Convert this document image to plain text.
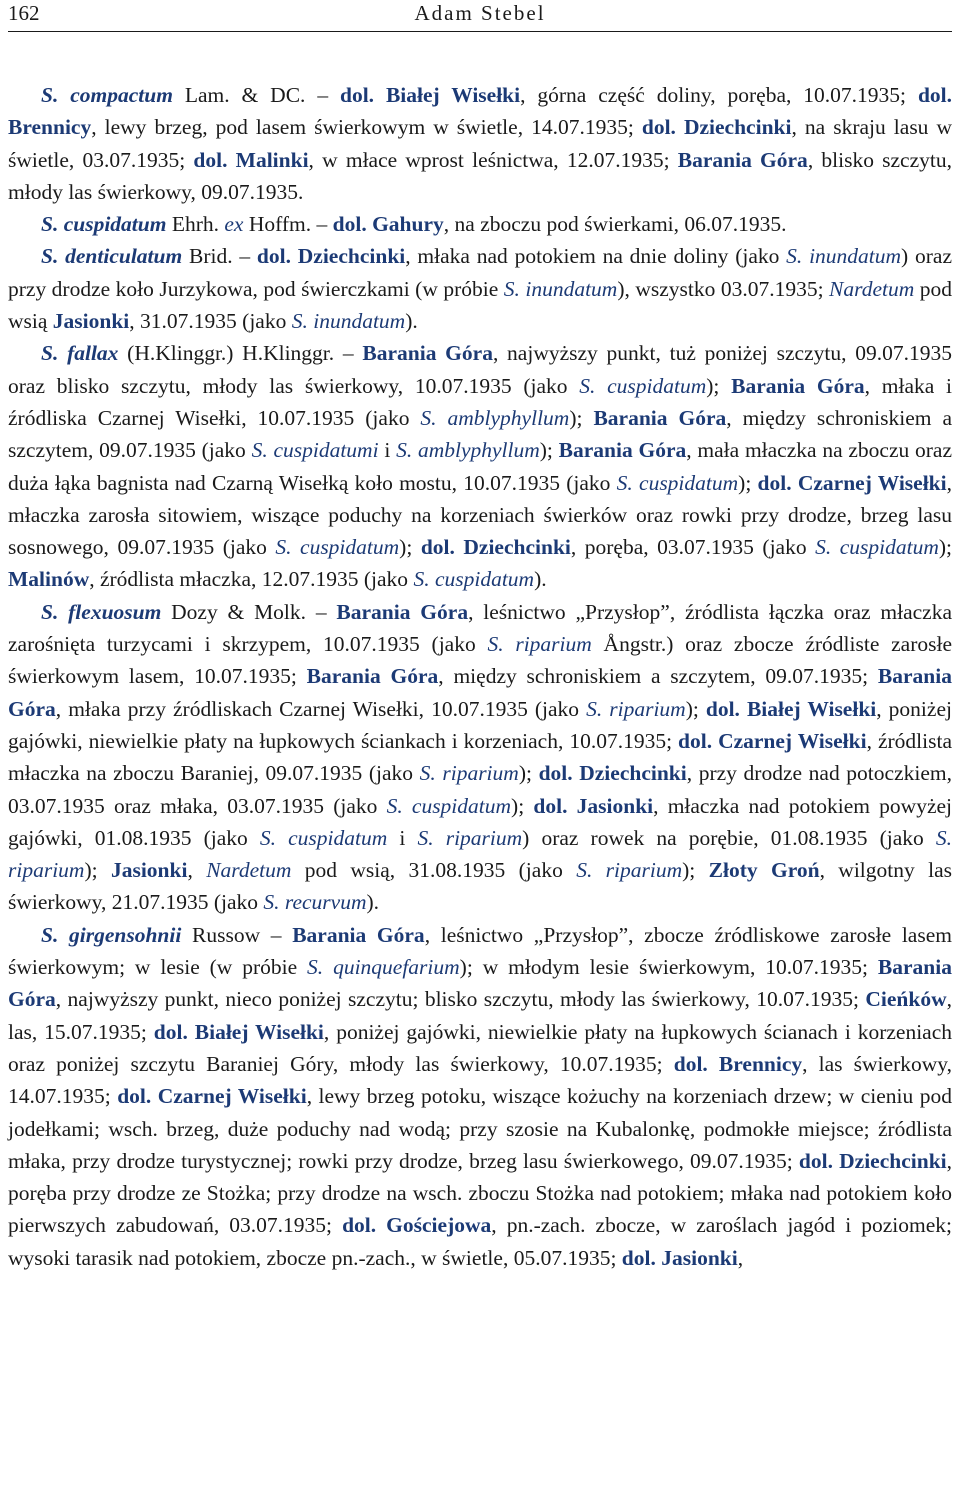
162	Adam Stebel

S. compactum Lam. & DC. – dol. Białej Wisełki, górna część doliny, poręba, 10.07.1935; dol. Brennicy, lewy brzeg, pod lasem świerkowym w świetle, 14.07.1935; dol. Dziechcinki, na skraju lasu w świetle, 03.07.1935; dol. Malinki, w młace wprost leśnictwa, 12.07.1935; Barania Góra, blisko szczytu, młody las świerkowy, 09.07.1935.

S. cuspidatum Ehrh. ex Hoffm. – dol. Gahury, na zboczu pod świerkami, 06.07.1935.

S. denticulatum Brid. – dol. Dziechcinki, młaka nad potokiem na dnie doliny (jako S. inundatum) oraz przy drodze koło Jurzykowa, pod świerczkami (w próbie S. inundatum), wszystko 03.07.1935; Nardetum pod wsią Jasionki, 31.07.1935 (jako S. inundatum).

S. fallax (H.Klinggr.) H.Klinggr. – Barania Góra, najwyższy punkt, tuż poniżej szczytu, 09.07.1935 oraz blisko szczytu, młody las świerkowy, 10.07.1935 (jako S. cuspidatum); Barania Góra, młaka i źródliska Czarnej Wisełki, 10.07.1935 (jako S. amblyphyllum); Barania Góra, między schroniskiem a szczytem, 09.07.1935 (jako S. cuspidatumi i S. amblyphyllum); Barania Góra, mała młaczka na zboczu oraz duża łąka bagnista nad Czarną Wisełką koło mostu, 10.07.1935 (jako S. cuspidatum); dol. Czarnej Wisełki, młaczka zarosła sitowiem, wiszące poduchy na korzeniach świerków oraz rowki przy drodze, brzeg lasu sosnowego, 09.07.1935 (jako S. cuspidatum); dol. Dziechcinki, poręba, 03.07.1935 (jako S. cuspidatum); Malinów, źródlista młaczka, 12.07.1935 (jako S. cuspidatum).

S. flexuosum Dozy & Molk. – Barania Góra, leśnictwo „Przysłop”, źródlista łączka oraz młaczka zarośnięta turzycami i skrzypem, 10.07.1935 (jako S. riparium Ångstr.) oraz zbocze źródliste zarosłe świerkowym lasem, 10.07.1935; Barania Góra, między schroniskiem a szczytem, 09.07.1935; Barania Góra, młaka przy źródliskach Czarnej Wisełki, 10.07.1935 (jako S. riparium); dol. Białej Wisełki, poniżej gajówki, niewielkie płaty na łupkowych ściankach i korzeniach, 10.07.1935; dol. Czarnej Wisełki, źródlista młaczka na zboczu Baraniej, 09.07.1935 (jako S. riparium); dol. Dziechcinki, przy drodze nad potoczkiem, 03.07.1935 oraz młaka, 03.07.1935 (jako S. cuspidatum); dol. Jasionki, młaczka nad potokiem powyżej gajówki, 01.08.1935 (jako S. cuspidatum i S. riparium) oraz rowek na porębie, 01.08.1935 (jako S. riparium); Jasionki, Nardetum pod wsią, 31.08.1935 (jako S. riparium); Złoty Groń, wilgotny las świerkowy, 21.07.1935 (jako S. recurvum).

S. girgensohnii Russow – Barania Góra, leśnictwo „Przysłop”, zbocze źródliskowe zarosłe lasem świerkowym; w lesie (w próbie S. quinquefarium); w młodym lesie świerkowym, 10.07.1935; Barania Góra, najwyższy punkt, nieco poniżej szczytu; blisko szczytu, młody las świerkowy, 10.07.1935; Cieńków, las, 15.07.1935; dol. Białej Wisełki, poniżej gajówki, niewielkie płaty na łupkowych ścianach i korzeniach oraz poniżej szczytu Baraniej Góry, młody las świerkowy, 10.07.1935; dol. Brennicy, las świerkowy, 14.07.1935; dol. Czarnej Wisełki, lewy brzeg potoku, wiszące kożuchy na korzeniach drzew; w cieniu pod jodełkami; wsch. brzeg, duże poduchy nad wodą; przy szosie na Kubalonkę, podmokłe miejsce; źródlista młaka, przy drodze turystycznej; rowki przy drodze, brzeg lasu świerkowego, 09.07.1935; dol. Dziechcinki, poręba przy drodze ze Stożka; przy drodze na wsch. zboczu Stożka nad potokiem; młaka nad potokiem koło pierwszych zabudowań, 03.07.1935; dol. Gościejowa, pn.-zach. zbocze, w zaroślach jagód i poziomek; wysoki tarasik nad potokiem, zbocze pn.-zach., w świetle, 05.07.1935; dol. Jasionki,
